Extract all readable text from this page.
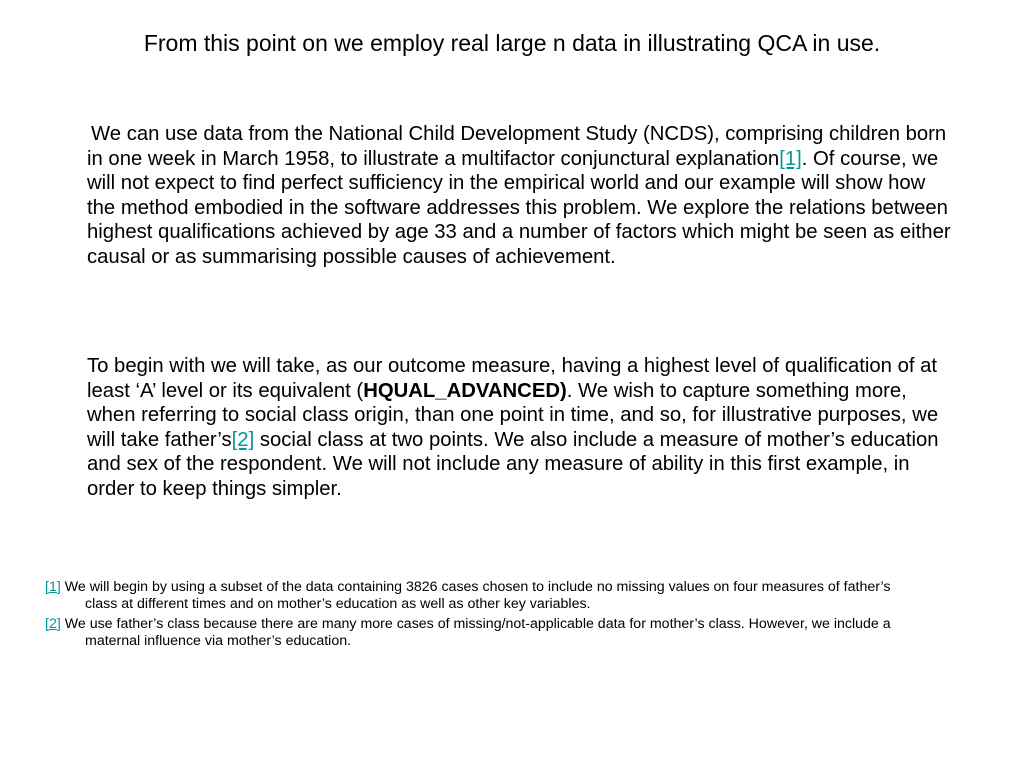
From this point on we employ real large n data in illustrating QCA in use.

We can use data from the National Child Development Study (NCDS), comprising children born in one week in March 1958, to illustrate a multifactor conjunctural explanation[1]. Of course, we will not expect to find perfect sufficiency in the empirical world and our example will show how the method embodied in the software addresses this problem. We explore the relations between highest qualifications achieved by age 33 and a number of factors which might be seen as either causal or as summarising possible causes of achievement.

To begin with we will take, as our outcome measure, having a highest level of qualification of at least ‘A’ level or its equivalent (HQUAL_ADVANCED). We wish to capture something more, when referring to social class origin, than one point in time, and so, for illustrative purposes, we will take father’s[2] social class at two points. We also include a measure of mother’s education and sex of the respondent. We will not include any measure of ability in this first example, in order to keep things simpler.

[1] We will begin by using a subset of the data containing 3826 cases chosen to include no missing values on four measures of father’s class at different times and on mother’s education as well as other key variables.

[2] We use father’s class because there are many more cases of missing/not-applicable data for mother’s class. However, we include a maternal influence via mother’s education.
